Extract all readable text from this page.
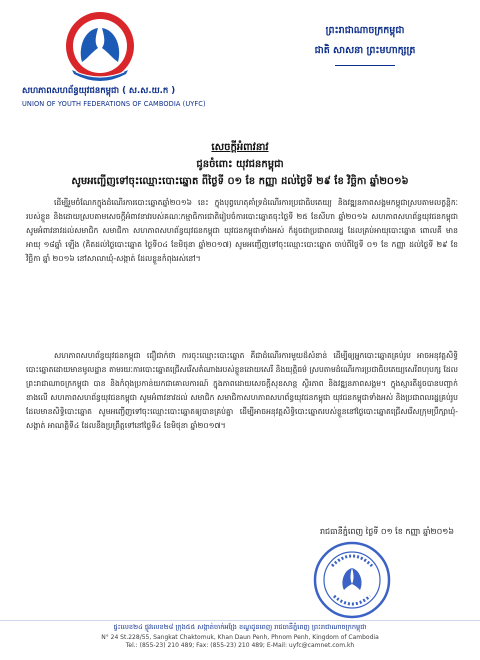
សហភាពសហព័ន្ធយុវជនកម្ពុជា ( ស.ស.យ.ក )
UNION OF YOUTH FEDERATIONS OF CAMBODIA (UYFC)
ព្រះរាជាណាចក្រកម្ពុជា
ជាតិ សាសនា ព្រះមហាក្សត្រ
សេចក្តីអំពាវនាវ
ជូនចំពោះ យុវជនកម្ពុជា
សូមអញ្ជើញទៅចុះឈ្មោះបោះឆ្នោត ពីថ្ងៃទី ០១ ខែ កញ្ញា ដល់ថ្ងៃទី ២៩ ខែ វិច្ឆិកា ឆ្នាំ២០១៦
ដើម្បីរួមចំណែកក្នុងដំណើរការបោះឆ្នោតឆ្នាំ២០១៦ នេះ ក្នុងបុព្វហេតុគាំទ្រដំណើរការប្រជាធិបតេយ្យ និងវឌ្ឍនភាពសង្គមកម្ពុជាស្របតាមលក្ខន្តិកៈរបស់ខ្លួន និងដោយស្របតាមសេចក្តីអំពាវនាវរបស់គណៈកម្មាធិការជាតិរៀបចំការបោះឆ្នោតចុះថ្ងៃទី ២៥ ខែសីហា ឆ្នាំ២០១៦ សហភាពសហព័ន្ធយុវជនកម្ពុជា សូមអំពាវនាវដល់សមាជិក សមាជិកា សហភាពសហព័ន្ធយុវជនកម្ពុជា យុវជនកម្ពុជាទាំងអស់ ក៏ដូចជាប្រជាពលរដ្ឋ ដែលគ្រប់អាយុបោះឆ្នោត ពោលគឺ មានអាយុ ១៨ឆ្នាំ ឡើង (គិតដល់ថ្ងៃបោះឆ្នោត ថ្ងៃទី០៤ ខែមិថុនា ឆ្នាំ២០១៧) សូមអញ្ជើញទៅចុះឈ្មោះបោះឆ្នោត ចាប់ពីថ្ងៃទី ០១ ខែ កញ្ញា ដល់ថ្ងៃទី ២៩ ខែ វិច្ឆិកា ឆ្នាំ ២០១៦ នៅសាលាឃុំ-សង្កាត់ ដែលខ្លួនកំពុងរស់នៅ។
សហភាពសហព័ន្ធយុវជនកម្ពុជា ជឿជាក់ថា ការចុះឈ្មោះបោះឆ្នោត គឺជាដំណើរការមួយដ៏សំខាន់ ដើម្បីឲ្យអ្នកបោះឆ្នោតគ្រប់រូប អាចអនុវត្តសិទ្ធិបោះឆ្នោតដោយមានមូលដ្ឋាន តាមរយៈការបោះឆ្នោតជ្រើសរើសតំណាងរបស់ខ្លួនដោយសេរី និងយុត្តិធម៌ ស្របតាមដំណើរការប្រជាធិបតេយ្យសេរីពហុបក្ស ដែលព្រះរាជាណាចក្រកម្ពុជា បាន និងកំពុងប្រកាន់យកជាគោលការណ៍ ក្នុងភាពដោយសេចក្តីសុខសាន្ត ស្ថិរភាព និងវឌ្ឍនភាពសង្គម។ ក្នុងស្មារតីដូចបានបញ្ជាក់ខាងលើ សហភាពសហព័ន្ធយុវជនកម្ពុជា សូមអំពាវនាវដល់ សមាជិក សមាជិកាសហភាពសហព័ន្ធយុវជនកម្ពុជា យុវជនកម្ពុជាទាំងអស់ និងប្រជាពលរដ្ឋគ្រប់រូបដែលមានសិទ្ធិបោះឆ្នោត សូមអញ្ជើញទៅចុះឈ្មោះបោះឆ្នោតឲ្យបានគ្រប់គ្នា ដើម្បីអាចអនុវត្តសិទ្ធិបោះឆ្នោតរបស់ខ្លួននៅថ្ងៃបោះឆ្នោតជ្រើសរើសក្រុមប្រឹក្សាឃុំ-សង្កាត់ អាណត្តិទី៤ ដែលនឹងប្រព្រឹត្តទៅនៅថ្ងៃទី៤ ខែមិថុនា ឆ្នាំ២០១៧។
រាជធានីភ្នំពេញ ថ្ងៃទី ០១ ខែ កញ្ញា ឆ្នាំ២០១៦
ផ្ទះលេខ២៤ ផ្លូវលេខ២៨ ក្រុង៥៥ សង្កាត់ចាក់អង្រែ ខណ្ឌដូនពេញ រាជធានីភ្នំពេញ ព្រះរាជាណាចក្រកម្ពុជា
N° 24 St.228/55, Sangkat Chaktomuk, Khan Daun Penh, Phnom Penh, Kingdom of Cambodia
Tel.: (855-23) 210 489; Fax: (855-23) 210 489; E-Mail: uyfc@camnet.com.kh
